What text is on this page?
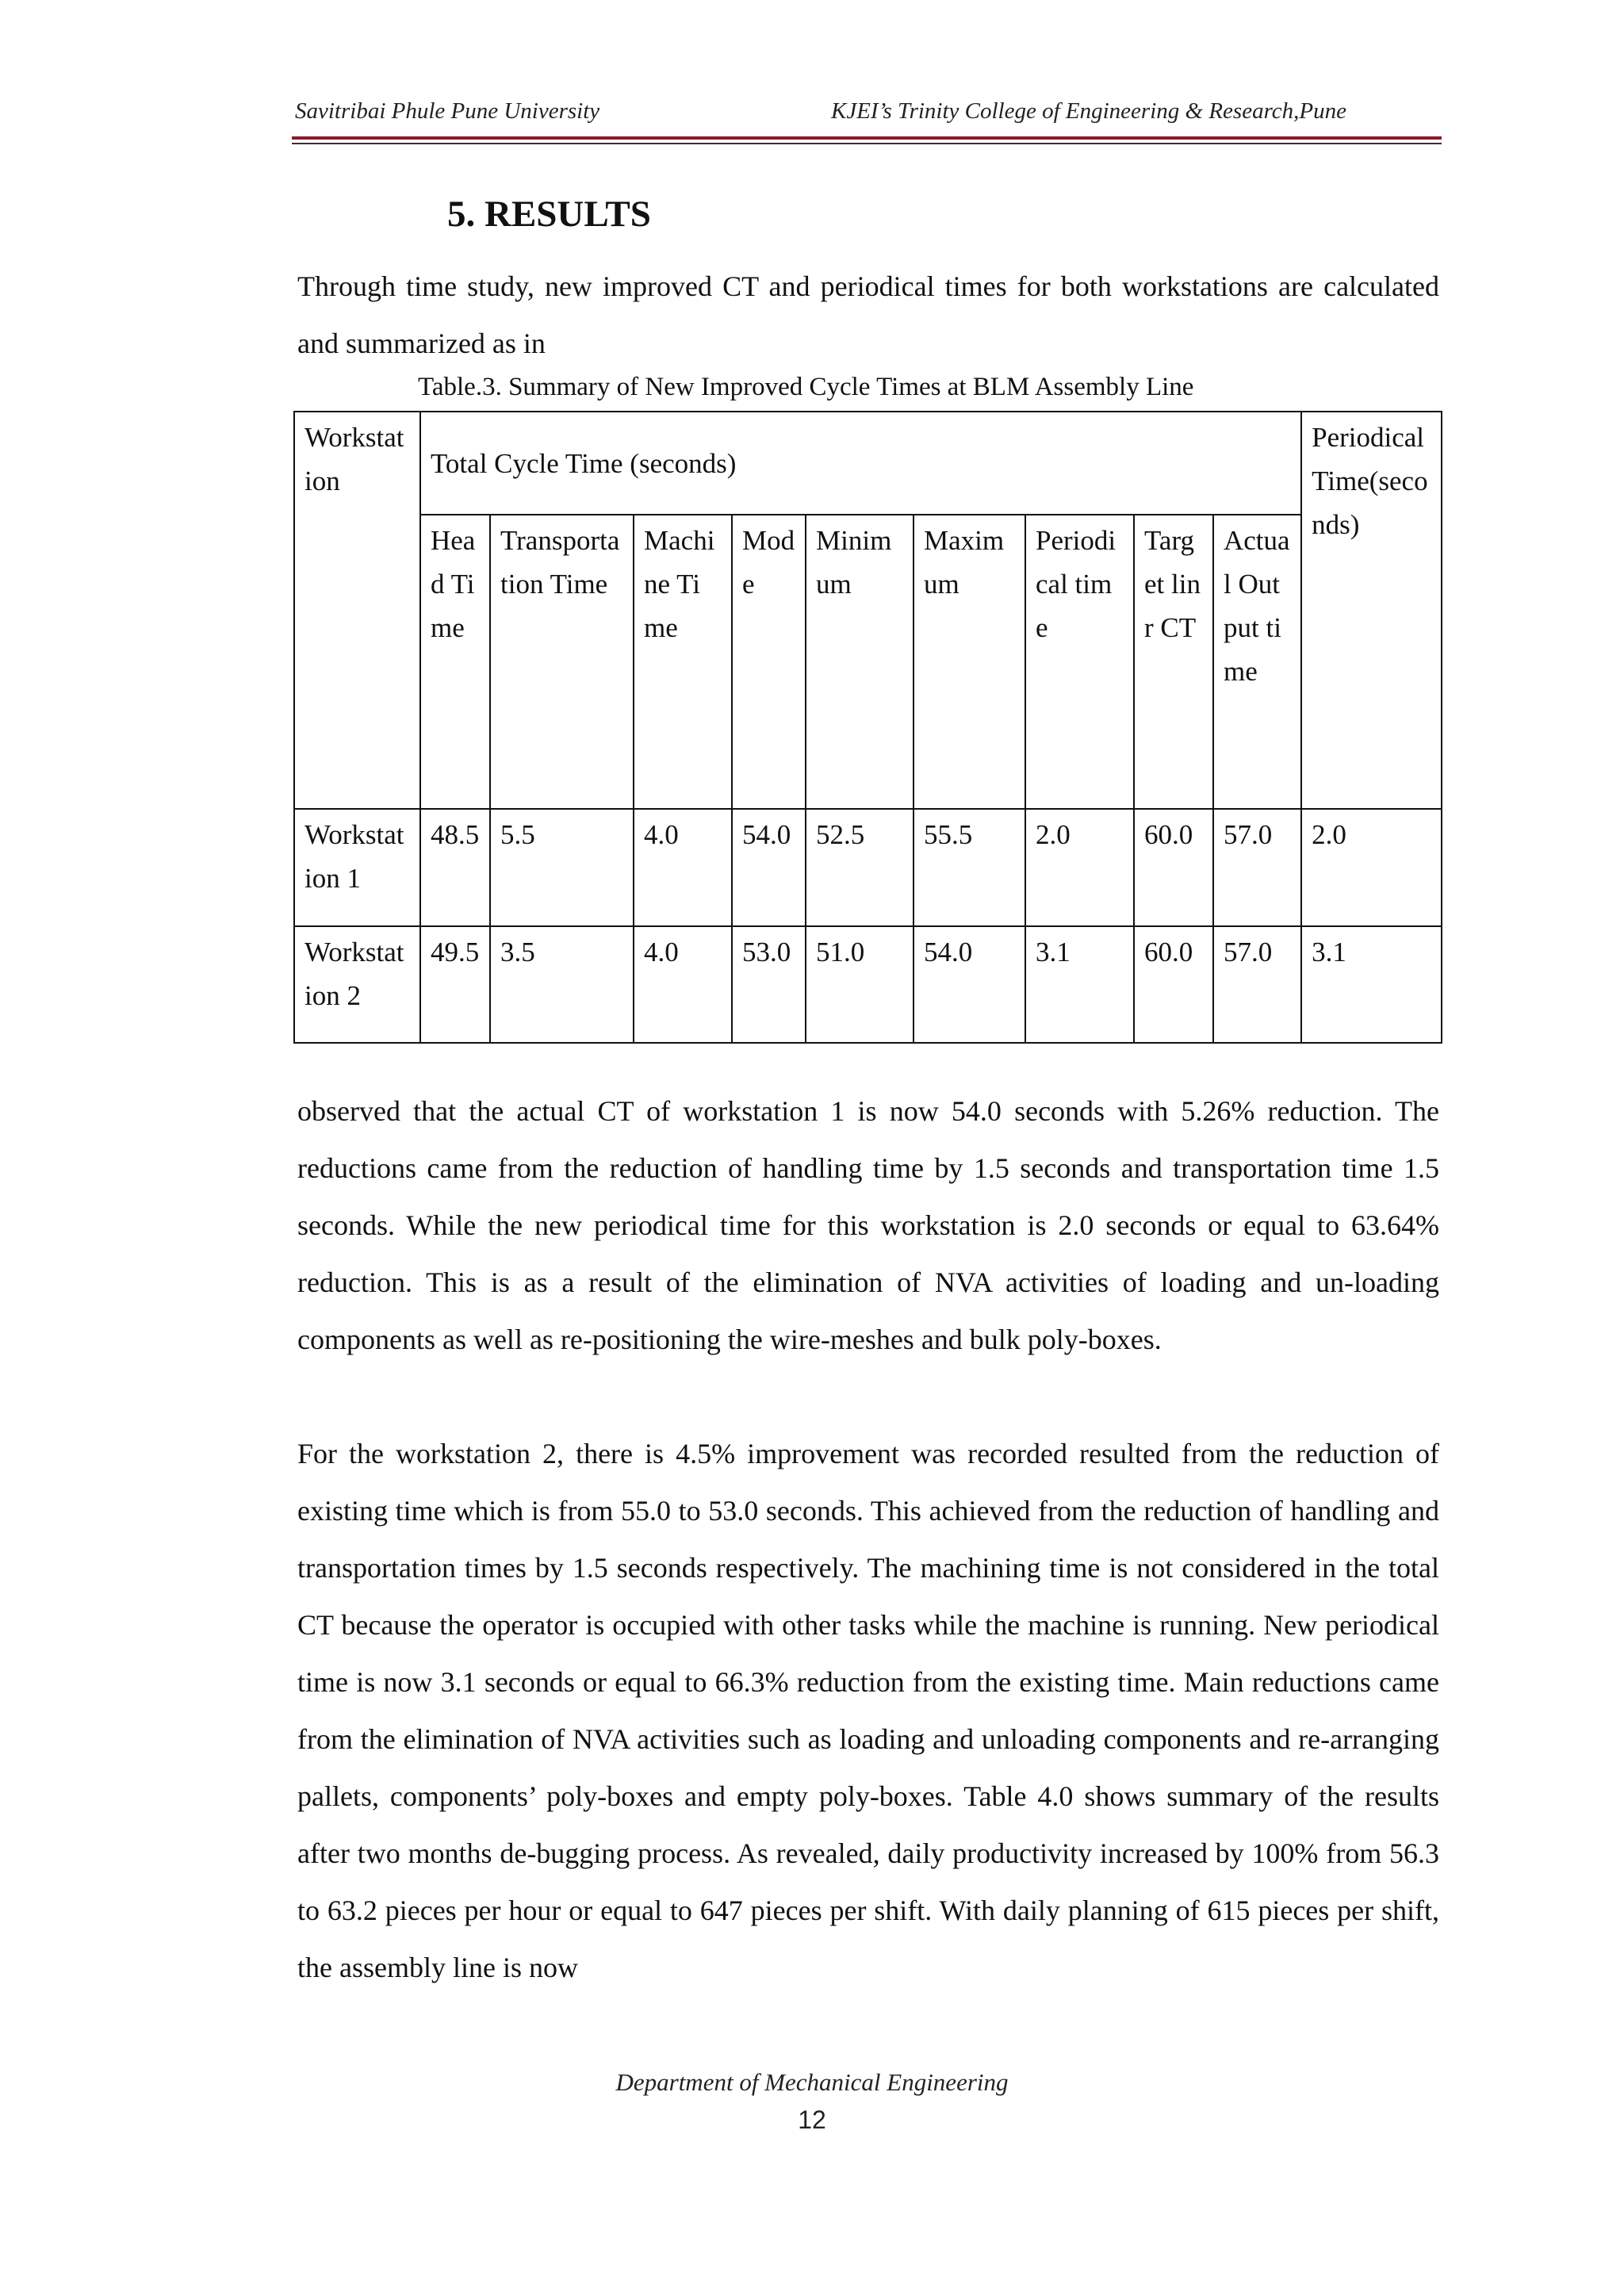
Savitribai Phule Pune University	KJEI’s Trinity College of Engineering & Research,Pune
5. RESULTS

Through time study, new improved CT and periodical times for both workstations are calculated and summarized as in

Table.3. Summary of New Improved Cycle Times at BLM Assembly Line
Workstation	Total Cycle Time (seconds)									Periodical Time(seconds)
	Head Time	Transportation Time	Machine Time	Mode	Minimum	Maximum	Periodical time	Target linr CT	Actual Output time	
Workstation 1	48.5	5.5	4.0	54.0	52.5	55.5	2.0	60.0	57.0	2.0
Workstation 2	49.5	3.5	4.0	53.0	51.0	54.0	3.1	60.0	57.0	3.1

observed that the actual CT of workstation 1 is now 54.0 seconds with 5.26% reduction. The reductions came from the reduction of handling time by 1.5 seconds and transportation time 1.5 seconds. While the new periodical time for this workstation is 2.0 seconds or equal to 63.64% reduction. This is as a result of the elimination of NVA activities of loading and un-loading components as well as re-positioning the wire-meshes and bulk poly-boxes.

For the workstation 2, there is 4.5% improvement was recorded resulted from the reduction of existing time which is from 55.0 to 53.0 seconds. This achieved from the reduction of handling and transportation times by 1.5 seconds respectively. The machining time is not considered in the total CT because the operator is occupied with other tasks while the machine is running. New periodical time is now 3.1 seconds or equal to 66.3% reduction from the existing time. Main reductions came from the elimination of NVA activities such as loading and unloading components and re-arranging pallets, components’ poly-boxes and empty poly-boxes. Table 4.0 shows summary of the results after two months de-bugging process. As revealed, daily productivity increased by 100% from 56.3 to 63.2 pieces per hour or equal to 647 pieces per shift. With daily planning of 615 pieces per shift, the assembly line is now

Department of Mechanical Engineering
12
